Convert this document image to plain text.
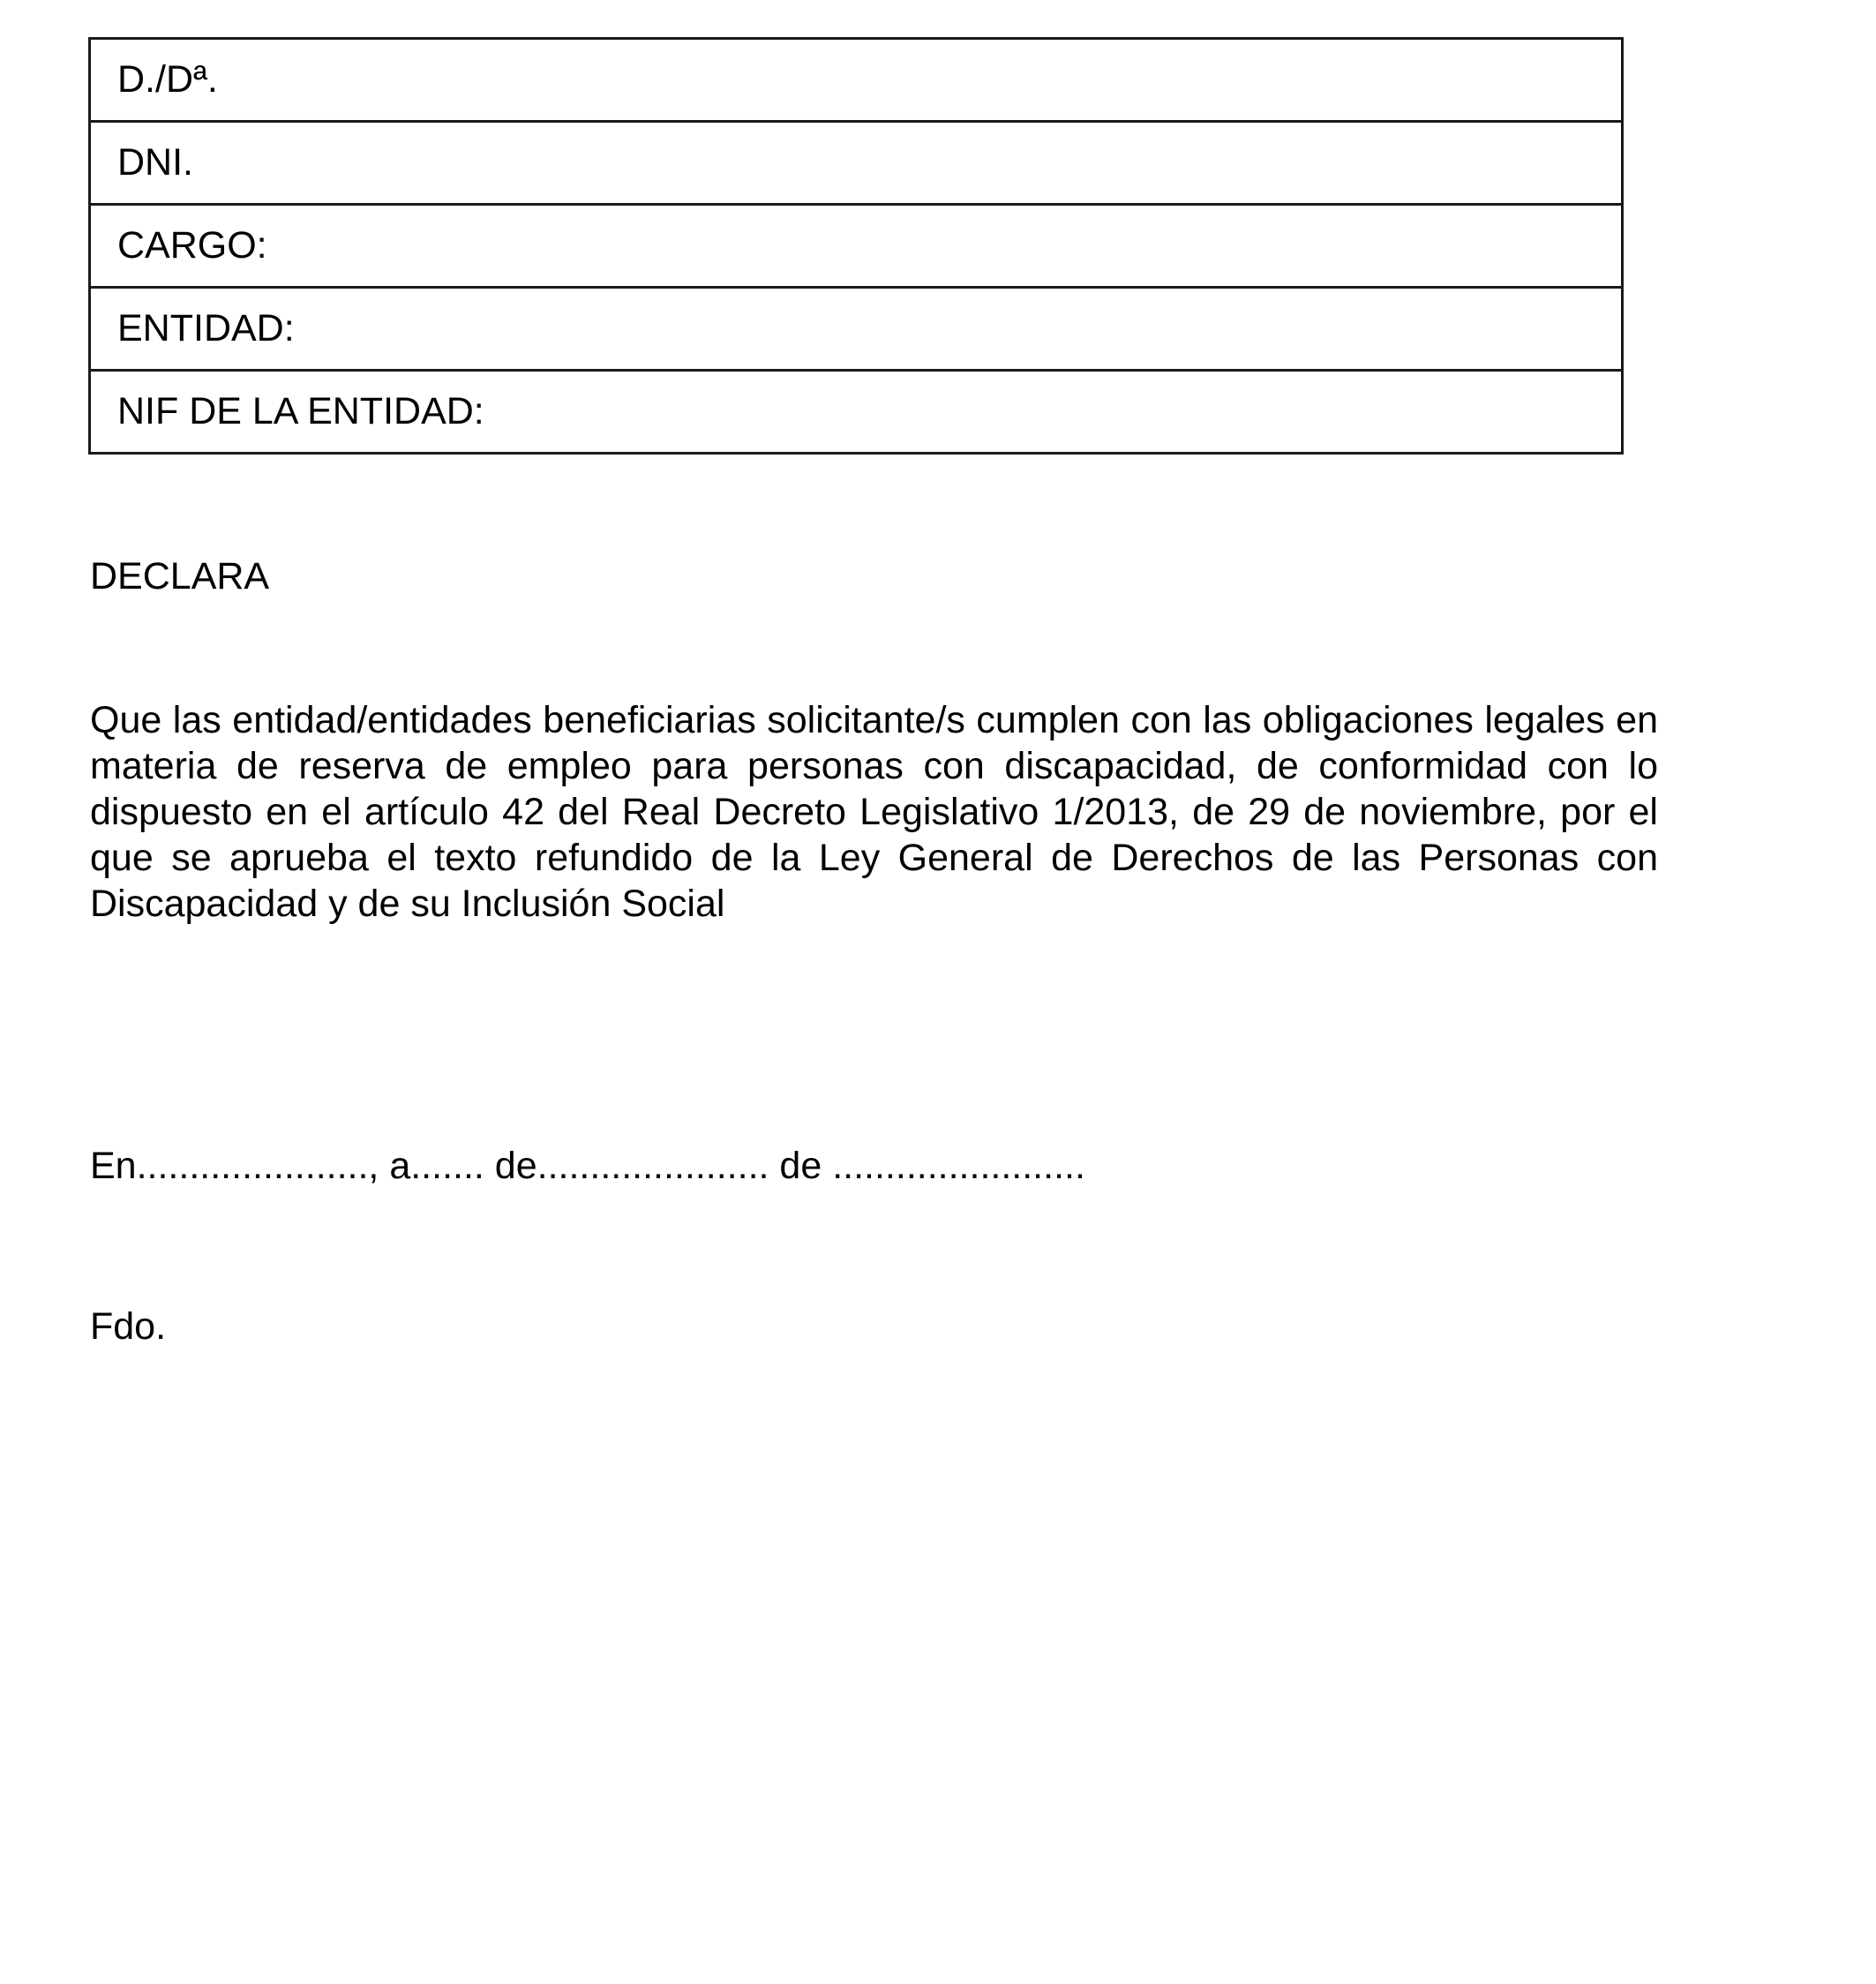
D./Dª.
DNI.
CARGO:
ENTIDAD:
NIF DE LA ENTIDAD:

DECLARA

Que las entidad/entidades beneficiarias solicitante/s cumplen con las obligaciones legales en materia de reserva de empleo para personas con discapacidad, de conformidad con lo dispuesto en el artículo 42 del Real Decreto Legislativo 1/2013, de 29 de noviembre, por el que se aprueba el texto refundido de la Ley General de Derechos de las Personas con Discapacidad y de su Inclusión Social

En......................, a....... de...................... de ........................

Fdo.
